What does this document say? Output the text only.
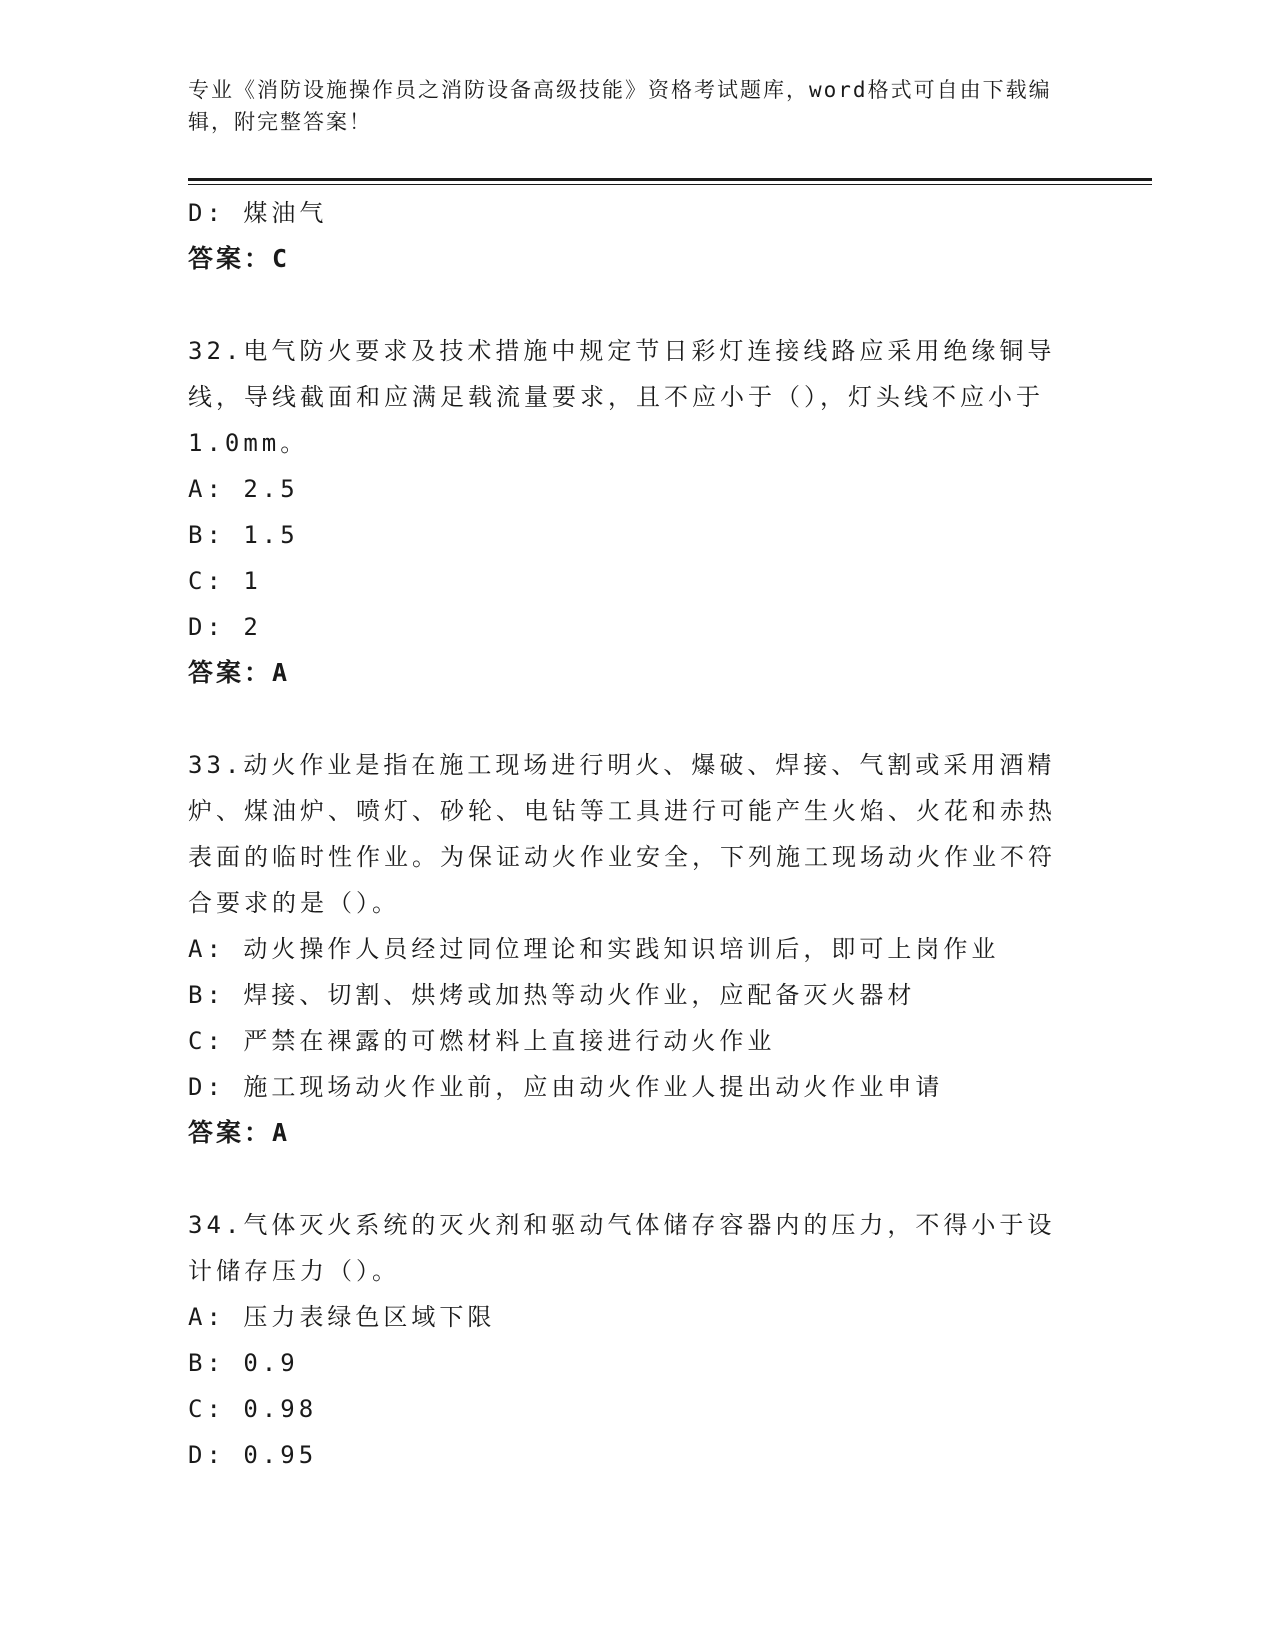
专业《消防设施操作员之消防设备高级技能》资格考试题库，word格式可自由下载编辑，附完整答案！
D: 煤油气
答案：C
32.电气防火要求及技术措施中规定节日彩灯连接线路应采用绝缘铜导线，导线截面和应满足载流量要求，且不应小于（），灯头线不应小于1.0mm。
A: 2.5
B: 1.5
C: 1
D: 2
答案：A
33.动火作业是指在施工现场进行明火、爆破、焊接、气割或采用酒精炉、煤油炉、喷灯、砂轮、电钻等工具进行可能产生火焰、火花和赤热表面的临时性作业。为保证动火作业安全，下列施工现场动火作业不符合要求的是（）。
A: 动火操作人员经过同位理论和实践知识培训后，即可上岗作业
B: 焊接、切割、烘烤或加热等动火作业，应配备灭火器材
C: 严禁在裸露的可燃材料上直接进行动火作业
D: 施工现场动火作业前，应由动火作业人提出动火作业申请
答案：A
34.气体灭火系统的灭火剂和驱动气体储存容器内的压力，不得小于设计储存压力（）。
A: 压力表绿色区域下限
B: 0.9
C: 0.98
D: 0.95
